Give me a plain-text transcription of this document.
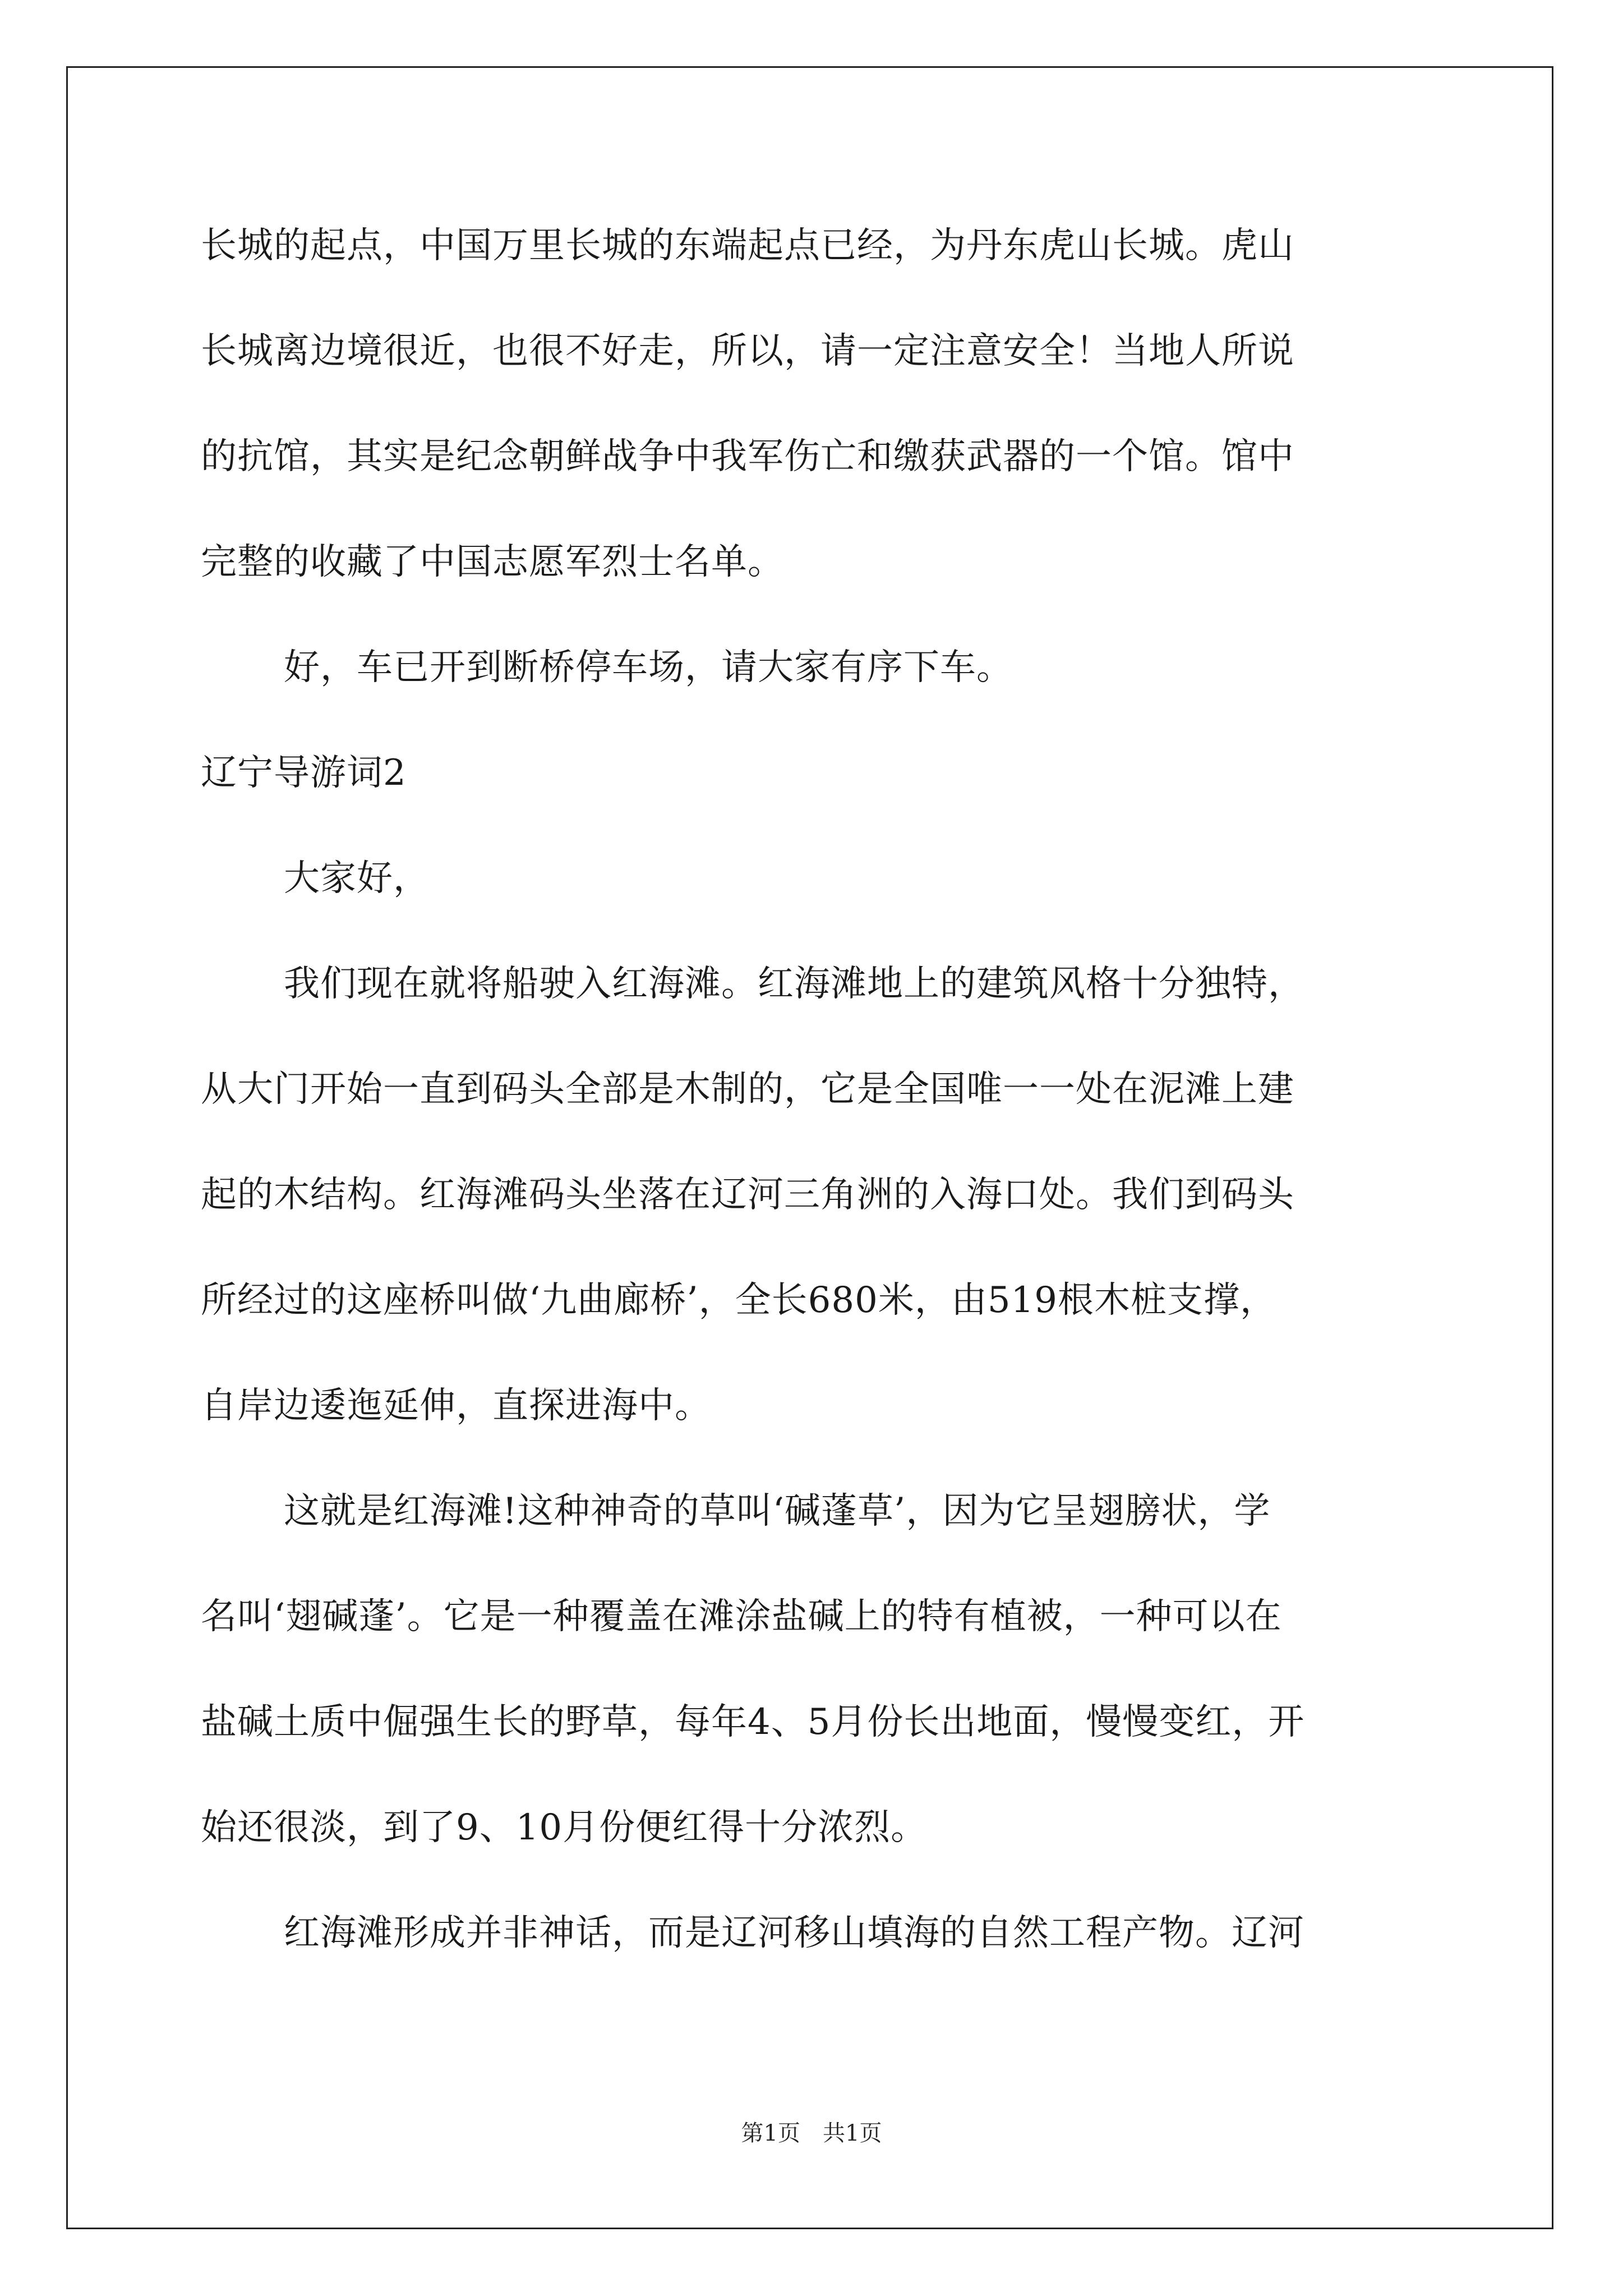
长城的起点，中国万里长城的东端起点已经，为丹东虎山长城。虎山
长城离边境很近，也很不好走，所以，请一定注意安全！当地人所说
的抗馆，其实是纪念朝鲜战争中我军伤亡和缴获武器的一个馆。馆中
完整的收藏了中国志愿军烈士名单。
好，车已开到断桥停车场，请大家有序下车。
辽宁导游词2
大家好，
我们现在就将船驶入红海滩。红海滩地上的建筑风格十分独特，
从大门开始一直到码头全部是木制的，它是全国唯一一处在泥滩上建
起的木结构。红海滩码头坐落在辽河三角洲的入海口处。我们到码头
所经过的这座桥叫做‘九曲廊桥’，全长680米，由519根木桩支撑，
自岸边逶迤延伸，直探进海中。
这就是红海滩!这种神奇的草叫‘碱蓬草’，因为它呈翅膀状，学
名叫‘翅碱蓬’。它是一种覆盖在滩涂盐碱上的特有植被，一种可以在
盐碱土质中倔强生长的野草，每年4、5月份长出地面，慢慢变红，开
始还很淡，到了9、10月份便红得十分浓烈。
红海滩形成并非神话，而是辽河移山填海的自然工程产物。辽河
第1页 共1页
